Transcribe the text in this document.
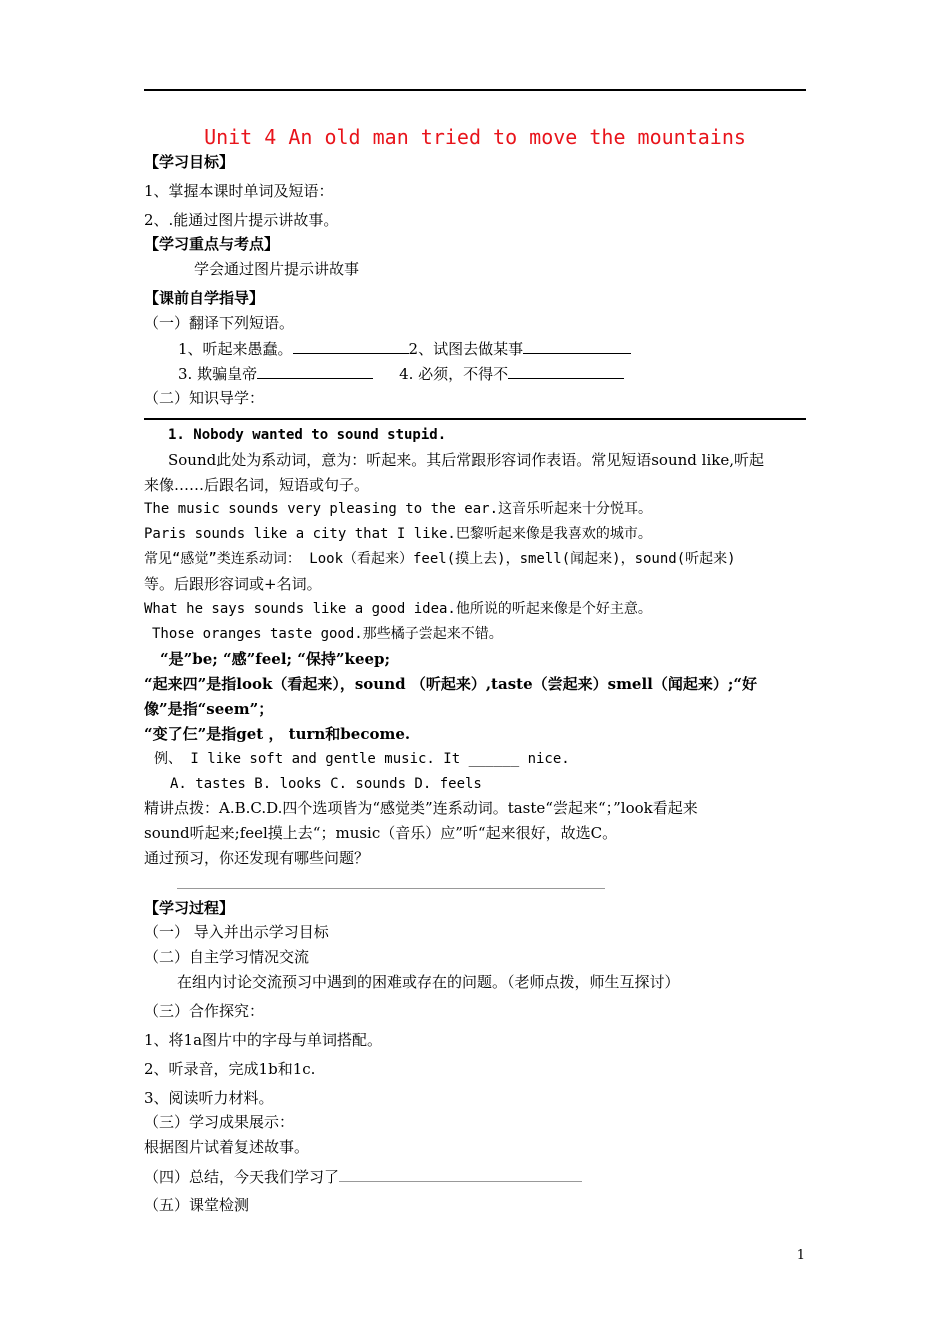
Unit 4 An old man tried to move the mountains
【学习目标】
1、掌握本课时单词及短语：
2、.能通过图片提示讲故事。
【学习重点与考点】
学会通过图片提示讲故事
【课前自学指导】
（一）翻译下列短语。
1、听起来愚蠢。	2、试图去做某事
3. 欺骗皇帝	4. 必须，不得不
（二）知识导学：
1. Nobody wanted to sound stupid.
Sound此处为系动词，意为：听起来。其后常跟形容词作表语。常见短语sound like,听起
来像……后跟名词，短语或句子。
The music sounds very pleasing to the ear.这音乐听起来十分悦耳。
Paris sounds like a city that I like.巴黎听起来像是我喜欢的城市。
常见“感觉”类连系动词： Look（看起来）feel(摸上去)，smell(闻起来)，sound(听起来)
等。后跟形容词或+名词。
What he says sounds like a good idea.他所说的听起来像是个好主意。
Those oranges taste good.那些橘子尝起来不错。
“是”be; “感”feel; “保持”keep;
“起来四”是指look（看起来），sound （听起来）,taste（尝起来）smell（闻起来）;“好
像”是指“seem”；
“变了仨”是指get ， turn和become.
例、 I like soft and gentle music. It ______ nice.
A. tastes B. looks C. sounds D. feels
精讲点拨：A.B.C.D.四个选项皆为“感觉类”连系动词。taste“尝起来“；”look看起来
sound听起来;feel摸上去“；music（音乐）应”听“起来很好，故选C。
通过预习，你还发现有哪些问题？
【学习过程】
（一） 导入并出示学习目标
（二）自主学习情况交流
在组内讨论交流预习中遇到的困难或存在的问题。（老师点拨，师生互探讨）
（三）合作探究：
1、将1a图片中的字母与单词搭配。
2、听录音，完成1b和1c.
3、阅读听力材料。
（三）学习成果展示：
根据图片试着复述故事。
（四）总结，今天我们学习了
（五）课堂检测
1
